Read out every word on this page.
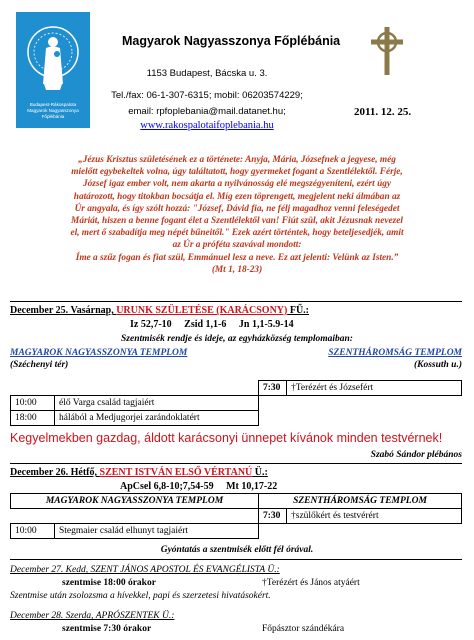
Budapest-Rákospalota
Magyarok Nagyasszonya
Főplébánia
Magyarok Nagyasszonya Főplébánia
1153 Budapest, Bácska u. 3.
Tel./fax: 06-1-307-6315; mobil: 06203574229;
email: rpfoplebania@mail.datanet.hu;
www.rakospalotaifoplebania.hu
2011. 12. 25.
„Jézus Krisztus születésének ez a története: Anyja, Mária, Józsefnek a jegyese, még
mielőtt egybekeltek volna, úgy találtatott, hogy gyermeket fogant a Szentlélektől. Férje,
József igaz ember volt, nem akarta a nyilvánosság elé megszégyeníteni, ezért úgy
határozott, hogy titokban bocsátja el. Míg ezen töprengett, megjelent neki álmában az
Úr angyala, és így szólt hozzá: "József, Dávid fia, ne félj magadhoz venni feleségedet
Máriát, hiszen a benne fogant élet a Szentlélektől van! Fiút szül, akit Jézusnak nevezel
el, mert ő szabadítja meg népét bűneitől." Ezek azért történtek, hogy beteljesedjék, amit
az Úr a próféta szavával mondott:
Íme a szűz fogan és fiat szül, Emmánuel lesz a neve. Ez azt jelenti: Velünk az Isten.”
(Mt 1, 18-23)
December 25. Vasárnap, URUNK SZÜLETÉSE (KARÁCSONY) FŰ.:
Iz 52,7-10     Zsid 1,1-6     Jn 1,1-5.9-14
Szentmisék rendje és ideje, az egyházközség templomaiban:
MAGYAROK NAGYASSZONYA TEMPLOM	SZENTHÁROMSÁG TEMPLOM
(Széchenyi tér)	(Kossuth u.)
		7:30	†Terézért és Józsefért
10:00	élő Varga család tagjaiért		
18:00	hálából a Medjugorjei zarándoklatért		
Kegyelmekben gazdag, áldott karácsonyi ünnepet kívánok minden testvérnek!
Szabó Sándor plébános
December 26. Hétfő, SZENT ISTVÁN ELSŐ VÉRTANÚ Ü.:
ApCsel 6,8-10;7,54-59     Mt 10,17-22
MAGYAROK NAGYASSZONYA TEMPLOM		SZENTHÁROMSÁG TEMPLOM	
		7:30	†szülőkért és testvérért
10:00	Stegmaier család elhunyt tagjaiért		
Gyóntatás a szentmisék előtt fél órával.
December 27. Kedd, SZENT JÁNOS APOSTOL ÉS EVANGÉLISTA Ü.:
szentmise 18:00 órakor	†Terézért és János atyáért
Szentmise után zsolozsma a hívekkel, papi és szerzetesi hivatásokért.
December 28. Szerda, APRÓSZENTEK Ü.:
szentmise 7:30 órakor	Főpásztor szándékára
